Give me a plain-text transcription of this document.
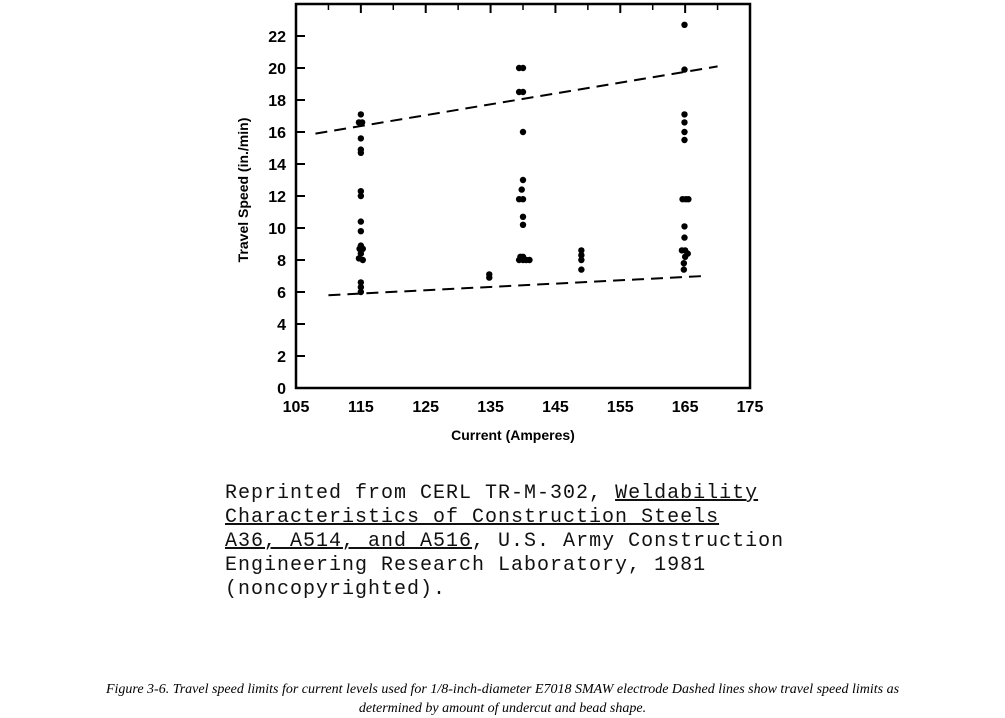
105 115 125 135 145 155 165 175
0
2
4
6
8
10
12
14
16
18
20
22
Current (Amperes)
Travel Speed (in./min)
Reprinted from CERL TR-M-302, Weldability
Characteristics of Construction Steels
A36, A514, and A516, U.S. Army Construction
Engineering Research Laboratory, 1981
(noncopyrighted).
Figure 3-6. Travel speed limits for current levels used for 1/8-inch-diameter E7018 SMAW electrode Dashed lines show travel speed limits as
determined by amount of undercut and bead shape.
